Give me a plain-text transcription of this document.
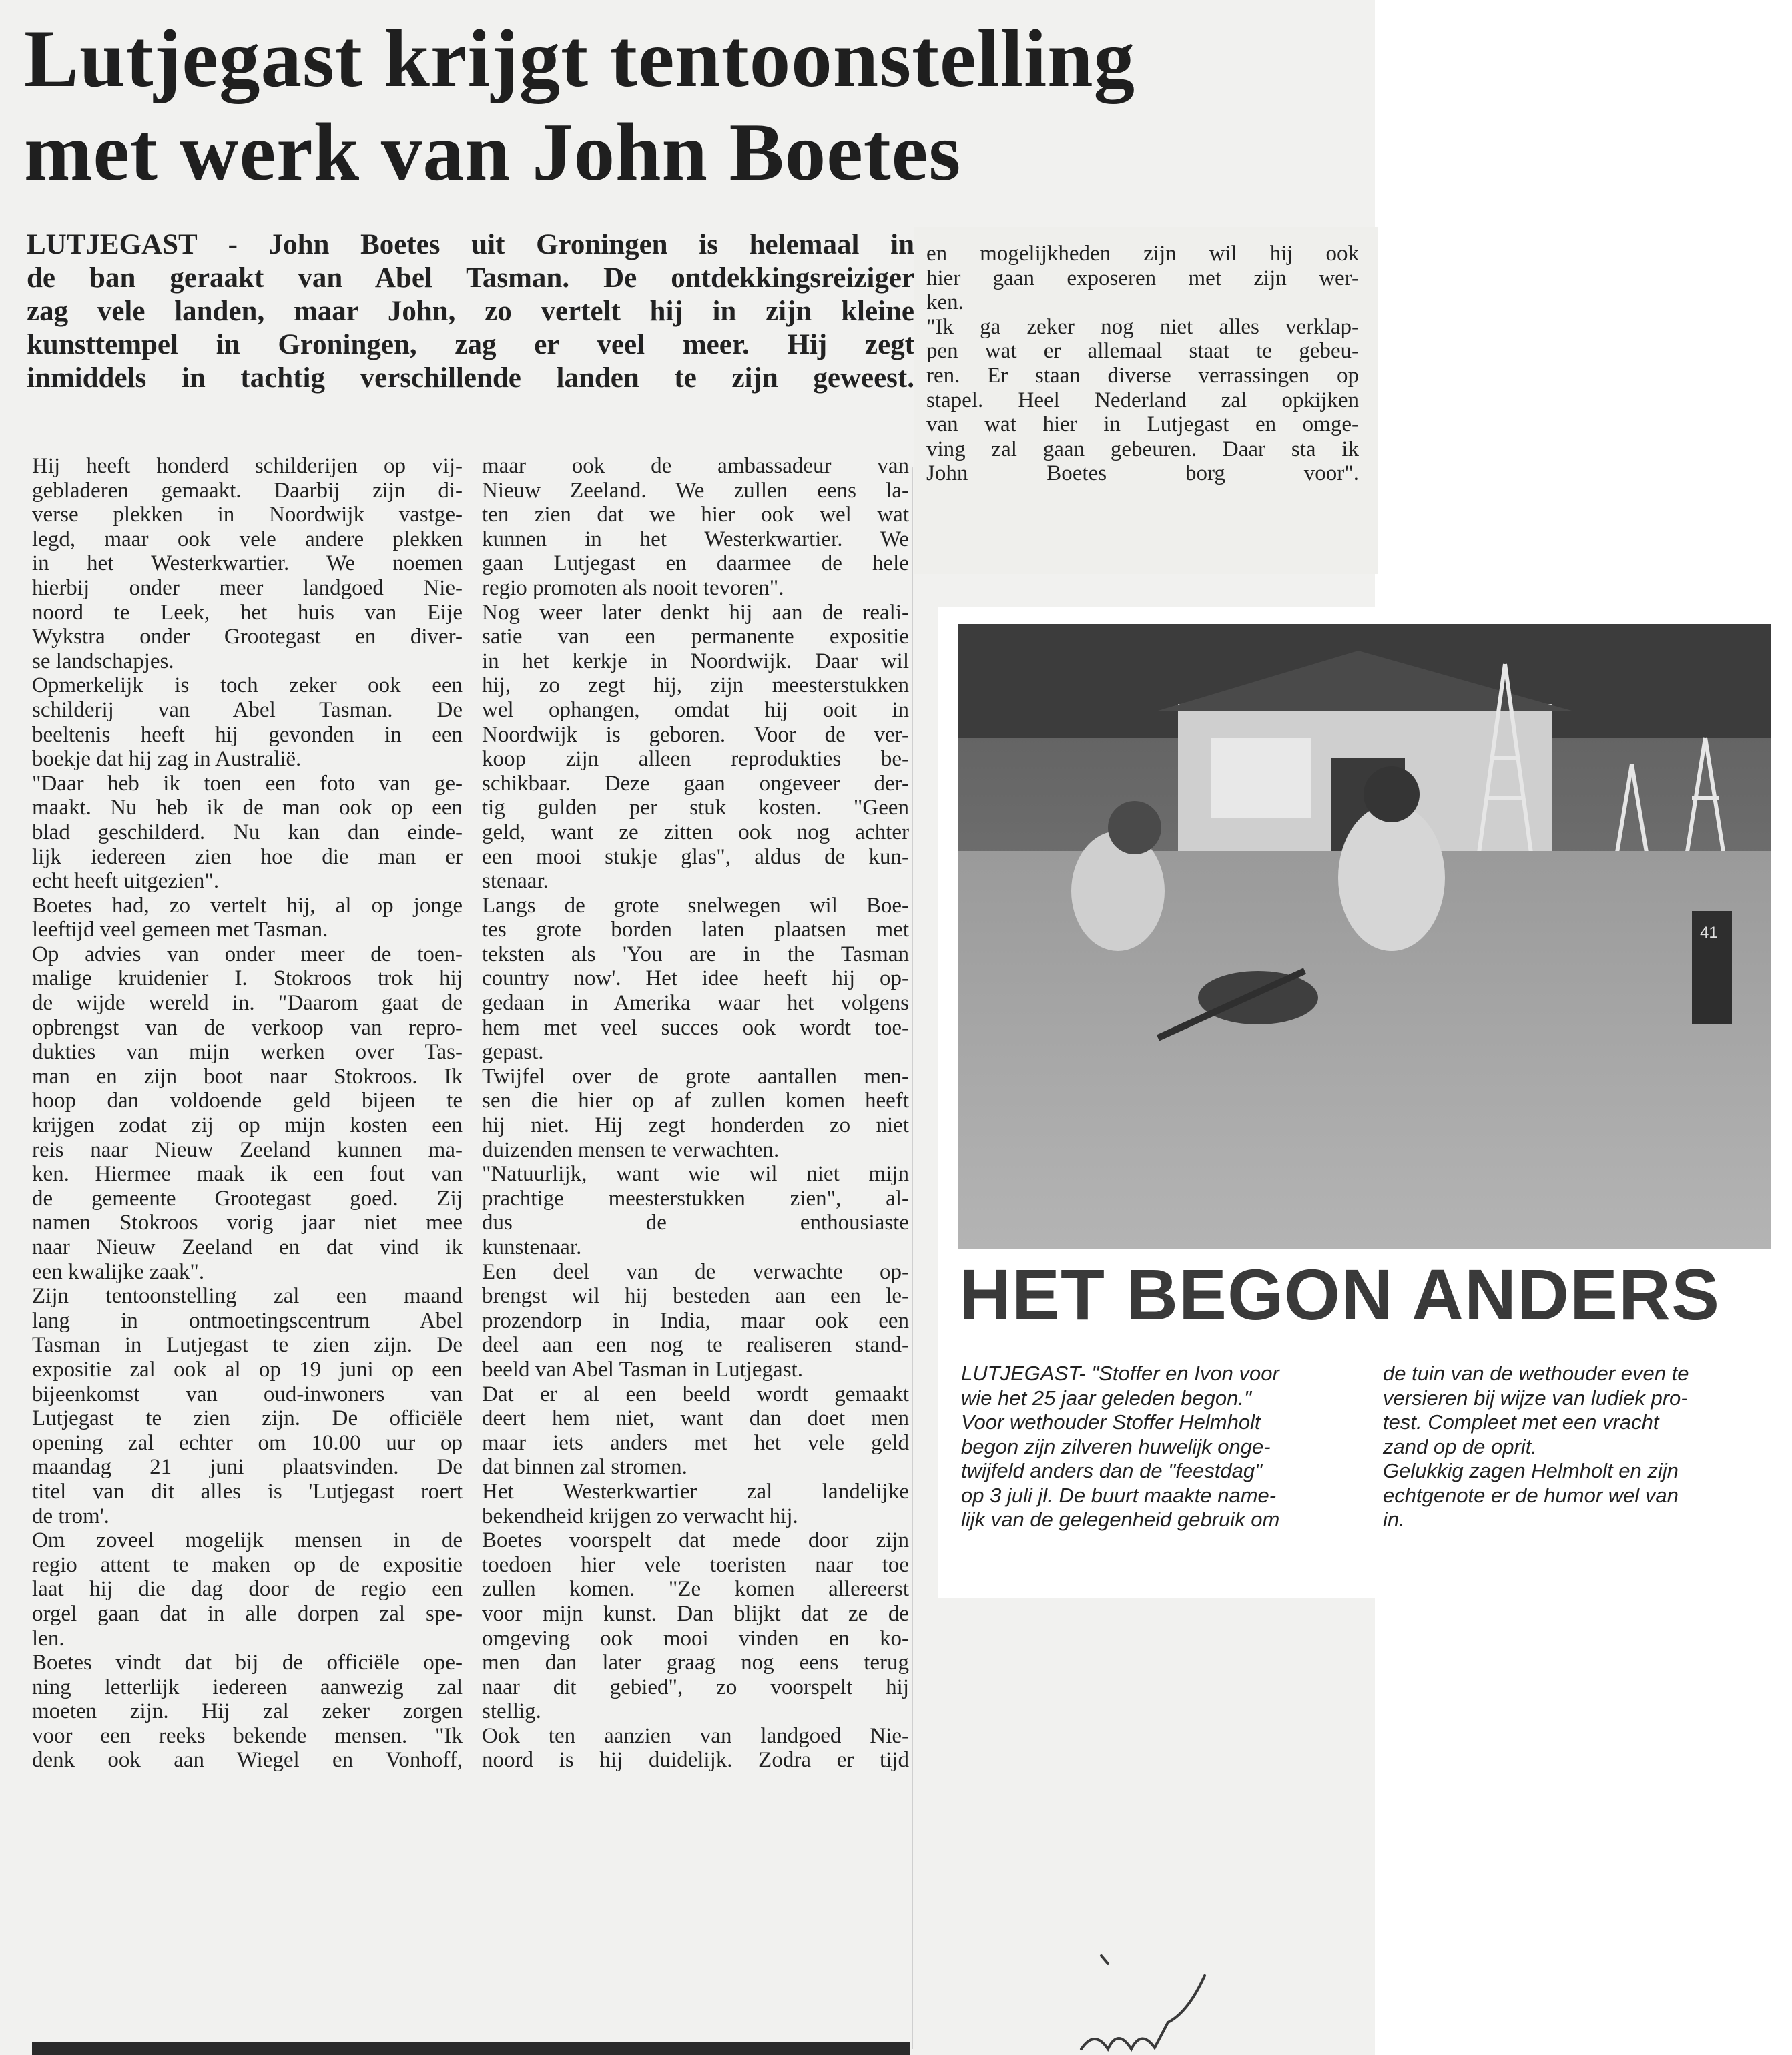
Lutjegast krijgt tentoonstelling
met werk van John Boetes
LUTJEGAST - John Boetes uit Groningen is helemaal in
de ban geraakt van Abel Tasman. De ontdekkingsreiziger
zag vele landen, maar John, zo vertelt hij in zijn kleine
kunsttempel in Groningen, zag er veel meer. Hij zegt
inmiddels in tachtig verschillende landen te zijn geweest.
Hij heeft honderd schilderijen op vij-
gebladeren gemaakt. Daarbij zijn di-
verse plekken in Noordwijk vastge-
legd, maar ook vele andere plekken
in het Westerkwartier. We noemen
hierbij onder meer landgoed Nie-
noord te Leek, het huis van Eije
Wykstra onder Grootegast en diver-
se landschapjes.
Opmerkelijk is toch zeker ook een
schilderij van Abel Tasman. De
beeltenis heeft hij gevonden in een
boekje dat hij zag in Australië.
"Daar heb ik toen een foto van ge-
maakt. Nu heb ik de man ook op een
blad geschilderd. Nu kan dan einde-
lijk iedereen zien hoe die man er
echt heeft uitgezien".
Boetes had, zo vertelt hij, al op jonge
leeftijd veel gemeen met Tasman.
Op advies van onder meer de toen-
malige kruidenier I. Stokroos trok hij
de wijde wereld in. "Daarom gaat de
opbrengst van de verkoop van repro-
dukties van mijn werken over Tas-
man en zijn boot naar Stokroos. Ik
hoop dan voldoende geld bijeen te
krijgen zodat zij op mijn kosten een
reis naar Nieuw Zeeland kunnen ma-
ken. Hiermee maak ik een fout van
de gemeente Grootegast goed. Zij
namen Stokroos vorig jaar niet mee
naar Nieuw Zeeland en dat vind ik
een kwalijke zaak".
Zijn tentoonstelling zal een maand
lang in ontmoetingscentrum Abel
Tasman in Lutjegast te zien zijn. De
expositie zal ook al op 19 juni op een
bijeenkomst van oud-inwoners van
Lutjegast te zien zijn. De officiële
opening zal echter om 10.00 uur op
maandag 21 juni plaatsvinden. De
titel van dit alles is 'Lutjegast roert
de trom'.
Om zoveel mogelijk mensen in de
regio attent te maken op de expositie
laat hij die dag door de regio een
orgel gaan dat in alle dorpen zal spe-
len.
Boetes vindt dat bij de officiële ope-
ning letterlijk iedereen aanwezig zal
moeten zijn. Hij zal zeker zorgen
voor een reeks bekende mensen. "Ik
denk ook aan Wiegel en Vonhoff,
maar ook de ambassadeur van
Nieuw Zeeland. We zullen eens la-
ten zien dat we hier ook wel wat
kunnen in het Westerkwartier. We
gaan Lutjegast en daarmee de hele
regio promoten als nooit tevoren".
Nog weer later denkt hij aan de reali-
satie van een permanente expositie
in het kerkje in Noordwijk. Daar wil
hij, zo zegt hij, zijn meesterstukken
wel ophangen, omdat hij ooit in
Noordwijk is geboren. Voor de ver-
koop zijn alleen reprodukties be-
schikbaar. Deze gaan ongeveer der-
tig gulden per stuk kosten. "Geen
geld, want ze zitten ook nog achter
een mooi stukje glas", aldus de kun-
stenaar.
Langs de grote snelwegen wil Boe-
tes grote borden laten plaatsen met
teksten als 'You are in the Tasman
country now'. Het idee heeft hij op-
gedaan in Amerika waar het volgens
hem met veel succes ook wordt toe-
gepast.
Twijfel over de grote aantallen men-
sen die hier op af zullen komen heeft
hij niet. Hij zegt honderden zo niet
duizenden mensen te verwachten.
"Natuurlijk, want wie wil niet mijn
prachtige meesterstukken zien", al-
dus de enthousiaste
kunstenaar.
Een deel van de verwachte op-
brengst wil hij besteden aan een le-
prozendorp in India, maar ook een
deel aan een nog te realiseren stand-
beeld van Abel Tasman in Lutjegast.
Dat er al een beeld wordt gemaakt
deert hem niet, want dan doet men
maar iets anders met het vele geld
dat binnen zal stromen.
Het Westerkwartier zal landelijke
bekendheid krijgen zo verwacht hij.
Boetes voorspelt dat mede door zijn
toedoen hier vele toeristen naar toe
zullen komen. "Ze komen allereerst
voor mijn kunst. Dan blijkt dat ze de
omgeving ook mooi vinden en ko-
men dan later graag nog eens terug
naar dit gebied", zo voorspelt hij
stellig.
Ook ten aanzien van landgoed Nie-
noord is hij duidelijk. Zodra er tijd
en mogelijkheden zijn wil hij ook
hier gaan exposeren met zijn wer-
ken.
"Ik ga zeker nog niet alles verklap-
pen wat er allemaal staat te gebeu-
ren. Er staan diverse verrassingen op
stapel. Heel Nederland zal opkijken
van wat hier in Lutjegast en omge-
ving zal gaan gebeuren. Daar sta ik
John Boetes borg voor".
41
HET BEGON ANDERS
LUTJEGAST- "Stoffer en Ivon voor
wie het 25 jaar geleden begon."
Voor wethouder Stoffer Helmholt
begon zijn zilveren huwelijk onge-
twijfeld anders dan de "feestdag"
op 3 juli jl. De buurt maakte name-
lijk van de gelegenheid gebruik om
de tuin van de wethouder even te
versieren bij wijze van ludiek pro-
test. Compleet met een vracht
zand op de oprit.
Gelukkig zagen Helmholt en zijn
echtgenote er de humor wel van
in.
